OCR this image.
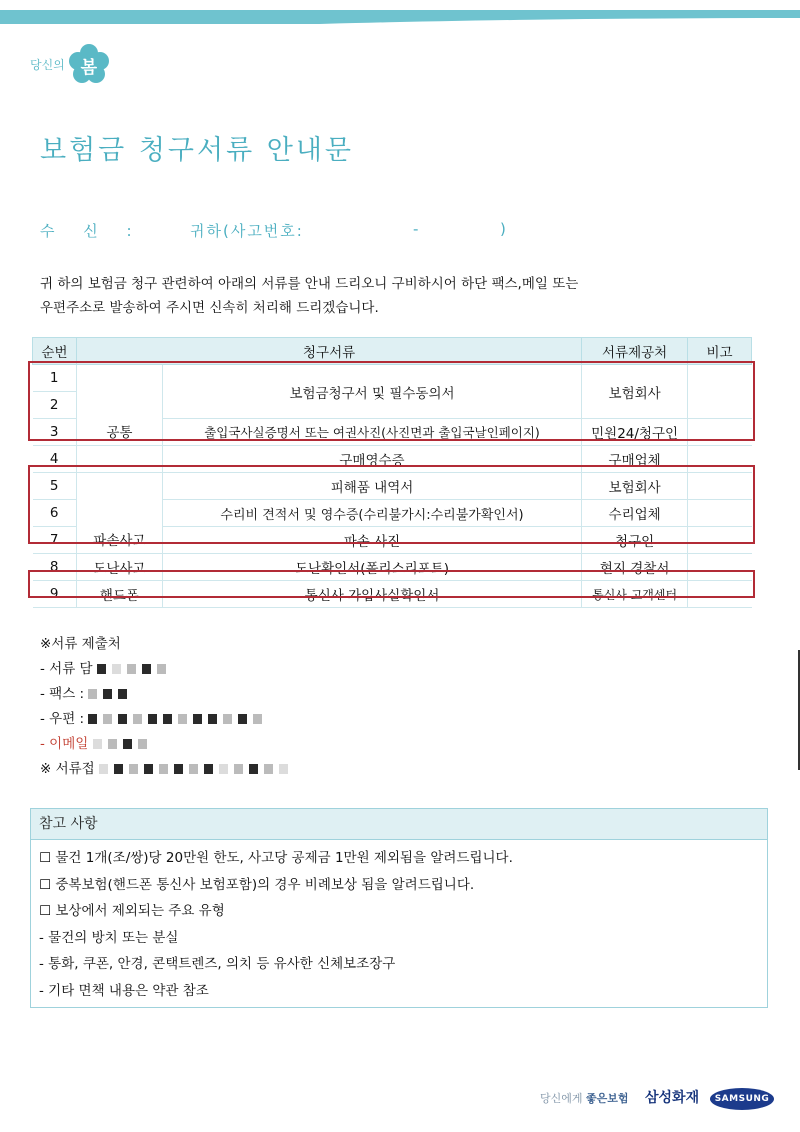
당신의 봄
보험금 청구서류 안내문
수 신 :	귀하(사고번호:	-	)
귀 하의 보험금 청구 관련하여 아래의 서류를 안내 드리오니 구비하시어 하단 팩스,메일 또는
우편주소로 발송하여 주시면 신속히 처리해 드리겠습니다.
순번	청구서류		서류제공처	비고
1	공통	보험금청구서 및 필수동의서	보험회사	
2				
3		출입국사실증명서 또는 여권사진(사진면과 출입국날인페이지)	민원24/청구인	
4		구매영수증	구매업체	
5	파손사고	피해품 내역서	보험회사	
6		수리비 견적서 및 영수증(수리불가시:수리불가확인서)	수리업체	
7		파손 사진	청구인	
8	도난사고	도난확인서(폴리스리포트)	현지 경찰서	
9	핸드폰	통신사 가입사실확인서	통신사 고객센터	
※서류 제출처
- 서류 담
- 팩스 :
- 우편 :
- 이메일
※ 서류접
참고 사항
☐ 물건 1개(조/쌍)당 20만원 한도, 사고당 공제금 1만원 제외됨을 알려드립니다.
☐ 중복보험(핸드폰 통신사 보험포함)의 경우 비례보상 됨을 알려드립니다.
☐ 보상에서 제외되는 주요 유형
- 물건의 방치 또는 분실
- 통화, 쿠폰, 안경, 콘택트렌즈, 의치 등 유사한 신체보조장구
- 기타 면책 내용은 약관 참조
당신에게 좋은보험 삼성화재	SAMSUNG
